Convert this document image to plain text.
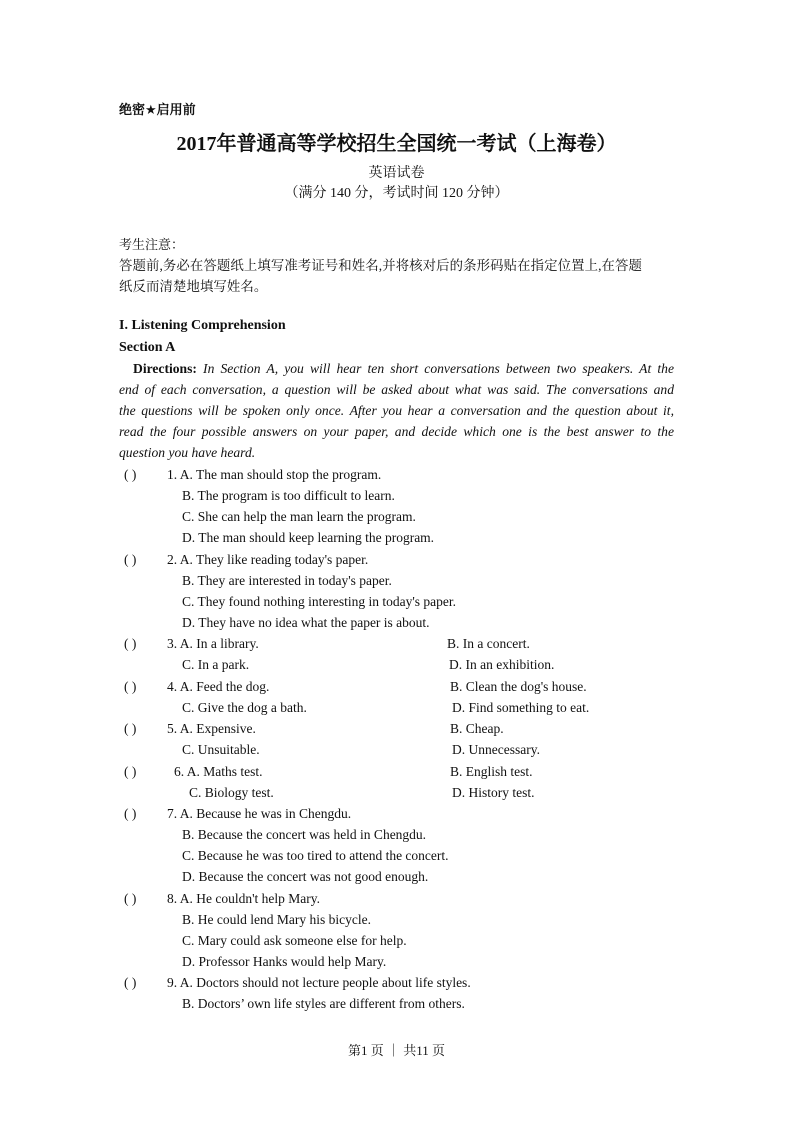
绝密★启用前
2017年普通高等学校招生全国统一考试（上海卷）
英语试卷
（满分 140 分，考试时间 120 分钟）
考生注意：
答题前,务必在答题纸上填写准考证号和姓名,并将核对后的条形码贴在指定位置上,在答题
纸反而清楚地填写姓名。
I. Listening Comprehension
Section A
Directions: In Section A, you will hear ten short conversations between two speakers. At the
end of each conversation, a question will be asked about what was said. The conversations and
the questions will be spoken only once. After you hear a conversation and the question about it,
read the four possible answers on your paper, and decide which one is the best answer to the
question you have heard.
( ) 1. A. The man should stop the program.
B. The program is too difficult to learn.
C. She can help the man learn the program.
D. The man should keep learning the program.
( ) 2. A. They like reading today's paper.
B. They are interested in today's paper.
C. They found nothing interesting in today's paper.
D. They have no idea what the paper is about.
( ) 3. A. In a library.	B. In a concert.
C. In a park.	D. In an exhibition.
( ) 4. A. Feed the dog.	B. Clean the dog's house.
C. Give the dog a bath.	D. Find something to eat.
( ) 5. A. Expensive.	B. Cheap.
C. Unsuitable.	D. Unnecessary.
( )	6. A. Maths test.	B. English test.
C. Biology test.	D. History test.
( ) 7. A. Because he was in Chengdu.
B. Because the concert was held in Chengdu.
C. Because he was too tired to attend the concert.
D. Because the concert was not good enough.
( ) 8. A. He couldn't help Mary.
B. He could lend Mary his bicycle.
C. Mary could ask someone else for help.
D. Professor Hanks would help Mary.
( ) 9. A. Doctors should not lecture people about life styles.
B. Doctors’ own life styles are different from others.
第1 页 ｜ 共11 页
